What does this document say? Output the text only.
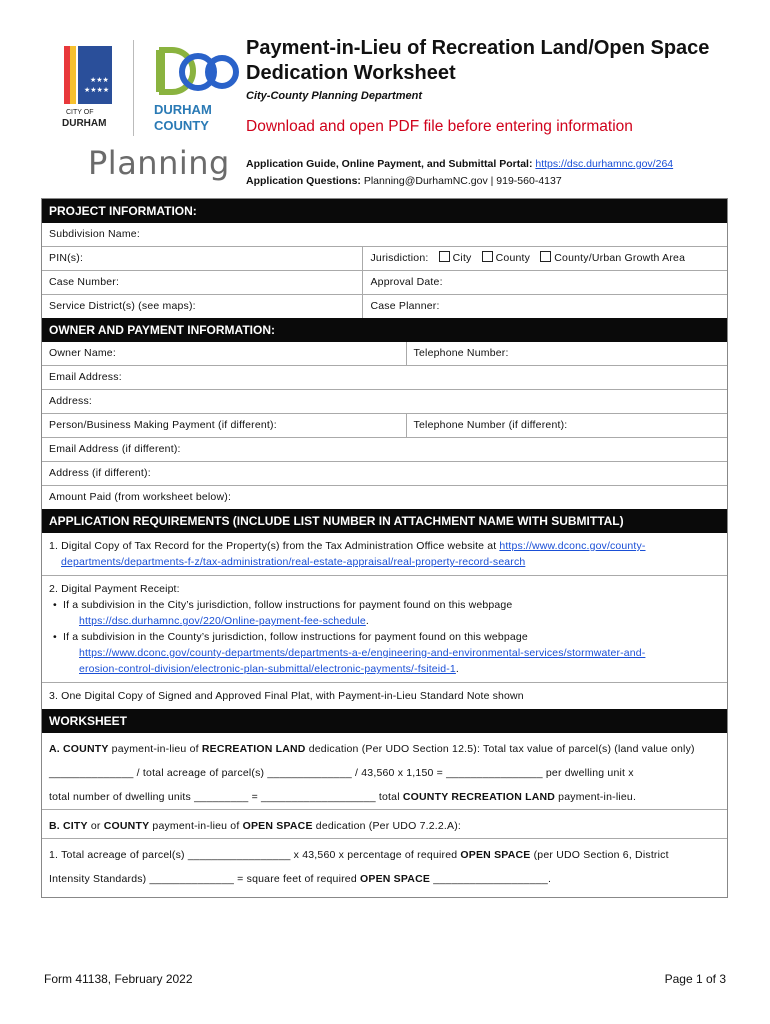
★★★
★★★★
CITY OF
DURHAM
DURHAM
COUNTY
Planning
Payment-in-Lieu of Recreation Land/Open Space Dedication Worksheet
City-County Planning Department
Download and open PDF file before entering information
Application Guide, Online Payment, and Submittal Portal: https://dsc.durhamnc.gov/264
Application Questions: Planning@DurhamNC.gov | 919-560-4137
PROJECT INFORMATION:
Subdivision Name:
PIN(s):	Jurisdiction: City County County/Urban Growth Area
Case Number:	Approval Date:
Service District(s) (see maps):	Case Planner:
OWNER AND PAYMENT INFORMATION:
Owner Name:	Telephone Number:
Email Address:
Address:
Person/Business Making Payment (if different):	Telephone Number (if different):
Email Address (if different):
Address (if different):
Amount Paid (from worksheet below):
APPLICATION REQUIREMENTS (INCLUDE LIST NUMBER IN ATTACHMENT NAME WITH SUBMITTAL)
1. Digital Copy of Tax Record for the Property(s) from the Tax Administration Office website at https://www.dconc.gov/county-
departments/departments-f-z/tax-administration/real-estate-appraisal/real-property-record-search
2. Digital Payment Receipt:
• If a subdivision in the City’s jurisdiction, follow instructions for payment found on this webpage
https://dsc.durhamnc.gov/220/Online-payment-fee-schedule.
• If a subdivision in the County’s jurisdiction, follow instructions for payment found on this webpage
https://www.dconc.gov/county-departments/departments-a-e/engineering-and-environmental-services/stormwater-and-
erosion-control-division/electronic-plan-submittal/electronic-payments/-fsiteid-1.
3. One Digital Copy of Signed and Approved Final Plat, with Payment-in-Lieu Standard Note shown
WORKSHEET
A. COUNTY payment-in-lieu of RECREATION LAND dedication (Per UDO Section 12.5): Total tax value of parcel(s) (land value only)
______________ / total acreage of parcel(s) ______________ / 43,560 x 1,150 = ________________ per dwelling unit x
total number of dwelling units _________ = ___________________ total COUNTY RECREATION LAND payment-in-lieu.
B. CITY or COUNTY payment-in-lieu of OPEN SPACE dedication (Per UDO 7.2.2.A):
1. Total acreage of parcel(s) _________________ x 43,560 x percentage of required OPEN SPACE (per UDO Section 6, District
Intensity Standards) ______________ = square feet of required OPEN SPACE ___________________.
Form 41138, February 2022	Page 1 of 3
